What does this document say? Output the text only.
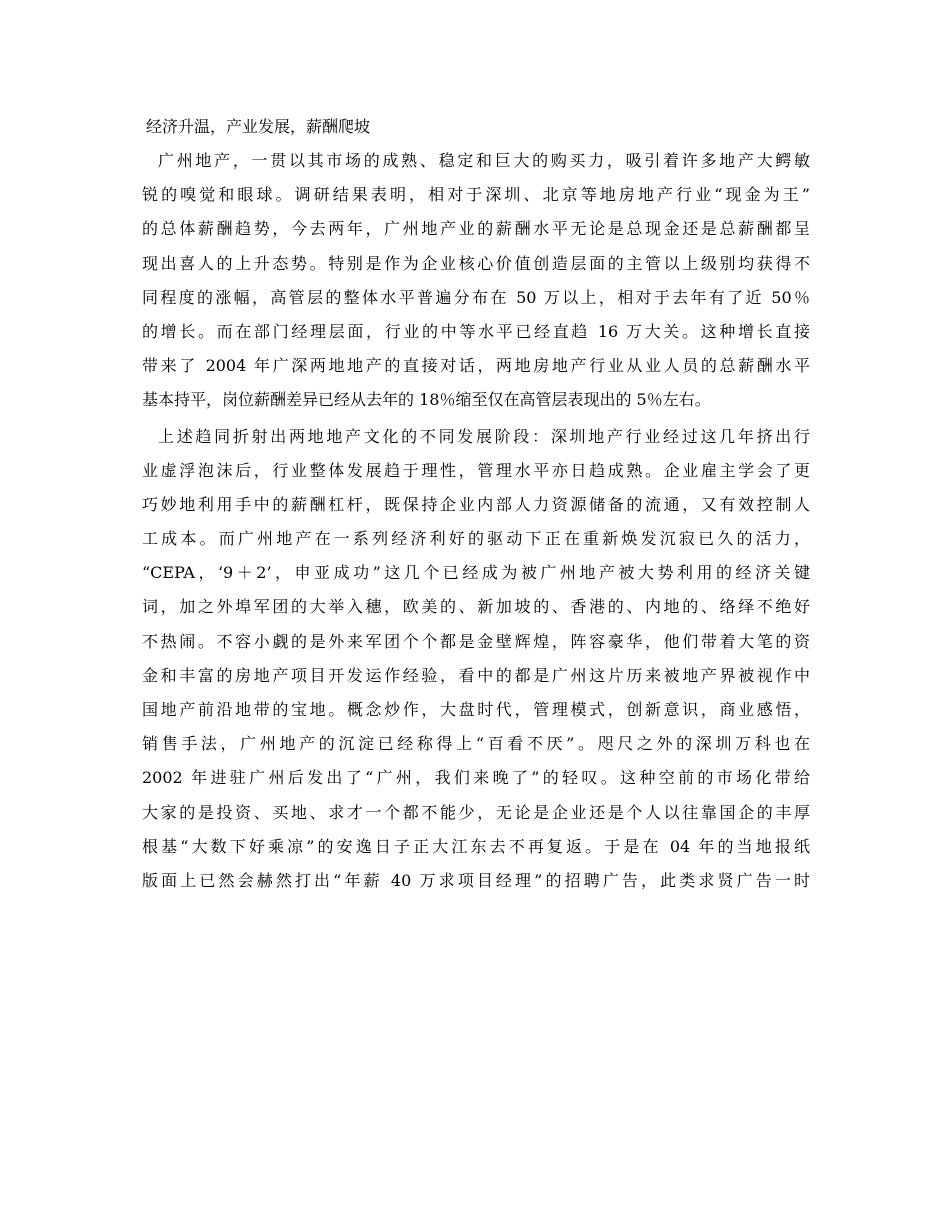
经济升温，产业发展，薪酬爬坡

广州地产，一贯以其市场的成熟、稳定和巨大的购买力，吸引着许多地产大鳄敏
锐的嗅觉和眼球。调研结果表明，相对于深圳、北京等地房地产行业“现金为王”
的总体薪酬趋势，今去两年，广州地产业的薪酬水平无论是总现金还是总薪酬都呈
现出喜人的上升态势。特别是作为企业核心价值创造层面的主管以上级别均获得不
同程度的涨幅，高管层的整体水平普遍分布在 50 万以上，相对于去年有了近 50％
的增长。而在部门经理层面，行业的中等水平已经直趋 16 万大关。这种增长直接
带来了 2004 年广深两地地产的直接对话，两地房地产行业从业人员的总薪酬水平
基本持平，岗位薪酬差异已经从去年的 18％缩至仅在高管层表现出的 5％左右。
上述趋同折射出两地地产文化的不同发展阶段：深圳地产行业经过这几年挤出行
业虚浮泡沫后，行业整体发展趋于理性，管理水平亦日趋成熟。企业雇主学会了更
巧妙地利用手中的薪酬杠杆，既保持企业内部人力资源储备的流通，又有效控制人
工成本。而广州地产在一系列经济利好的驱动下正在重新焕发沉寂已久的活力，
“CEPA，‘9＋2’，申亚成功”这几个已经成为被广州地产被大势利用的经济关键
词，加之外埠军团的大举入穗，欧美的、新加坡的、香港的、内地的、络绎不绝好
不热闹。不容小觑的是外来军团个个都是金壁辉煌，阵容豪华，他们带着大笔的资
金和丰富的房地产项目开发运作经验，看中的都是广州这片历来被地产界被视作中
国地产前沿地带的宝地。概念炒作，大盘时代，管理模式，创新意识，商业感悟，
销售手法，广州地产的沉淀已经称得上“百看不厌”。咫尺之外的深圳万科也在
2002 年进驻广州后发出了“广州，我们来晚了”的轻叹。这种空前的市场化带给
大家的是投资、买地、求才一个都不能少，无论是企业还是个人以往靠国企的丰厚
根基“大数下好乘凉”的安逸日子正大江东去不再复返。于是在 04 年的当地报纸
版面上已然会赫然打出“年薪 40 万求项目经理”的招聘广告，此类求贤广告一时
